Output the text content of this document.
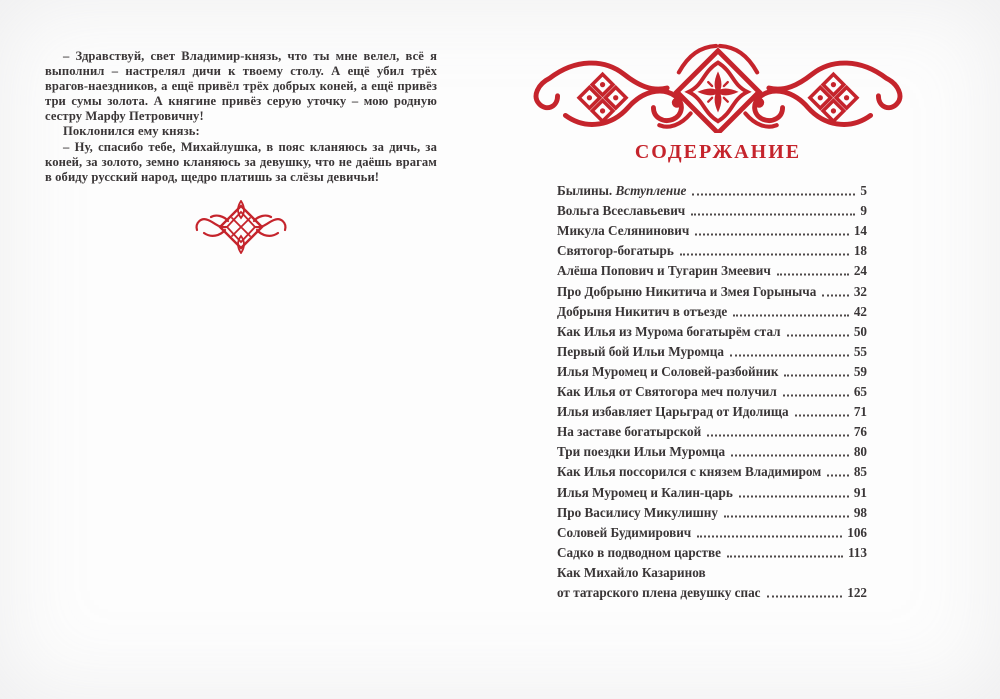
– Здравствуй, свет Владимир-князь, что ты мне велел, всё я выполнил – настрелял дичи к твоему столу. А ещё убил трёх врагов-наездников, а ещё привёл трёх добрых коней, а ещё привёз три сумы золота. А княгине привёз серую уточку – мою родную сестру Марфу Петровичну!

Поклонился ему князь:

– Ну, спасибо тебе, Михайлушка, в пояс кланяюсь за дичь, за коней, за золото, земно кланяюсь за девушку, что не даёшь врагам в обиду русский народ, щедро платишь за слёзы девичьи!

СОДЕРЖАНИЕ
Былины. Вступление	5
Вольга Всеславьевич	9
Микула Селянинович	14
Святогор-богатырь	18
Алёша Попович и Тугарин Змеевич	24
Про Добрыню Никитича и Змея Горыныча	32
Добрыня Никитич в отъезде	42
Как Илья из Мурома богатырём стал	50
Первый бой Ильи Муромца	55
Илья Муромец и Соловей-разбойник	59
Как Илья от Святогора меч получил	65
Илья избавляет Царьград от Идолища	71
На заставе богатырской	76
Три поездки Ильи Муромца	80
Как Илья поссорился с князем Владимиром 85
Илья Муромец и Калин-царь	91
Про Василису Микулишну	98
Соловей Будимирович	106
Садко в подводном царстве	113
Как Михайло Казаринов
от татарского плена девушку спас	122
